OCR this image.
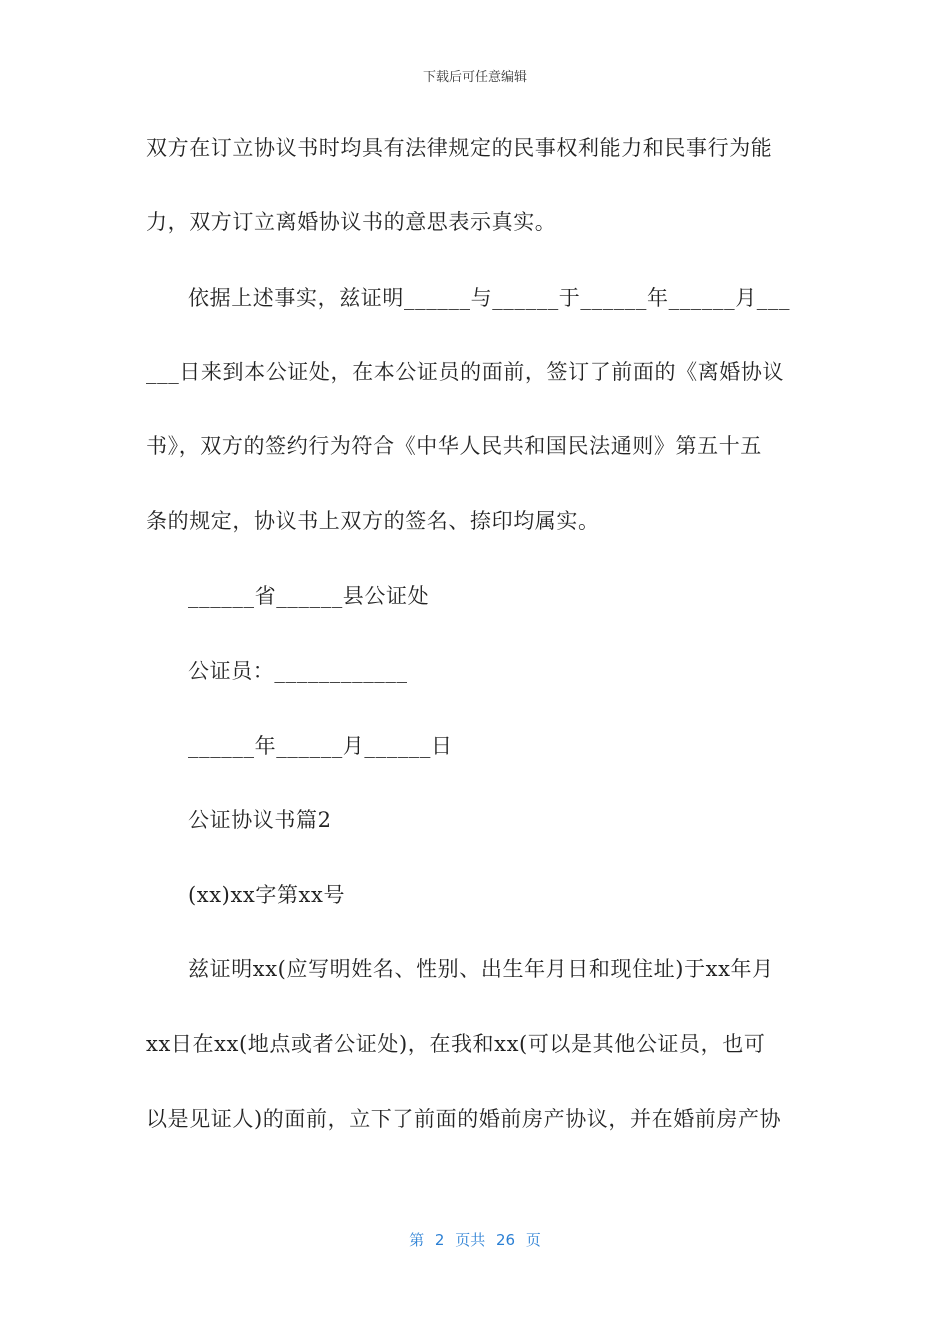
下载后可任意编辑
双方在订立协议书时均具有法律规定的民事权利能力和民事行为能
力，双方订立离婚协议书的意思表示真实。
依据上述事实，兹证明______与______于______年______月___
___日来到本公证处，在本公证员的面前，签订了前面的《离婚协议
书》，双方的签约行为符合《中华人民共和国民法通则》第五十五
条的规定，协议书上双方的签名、捺印均属实。
______省______县公证处
公证员：____________
______年______月______日
公证协议书篇2
(xx)xx字第xx号
兹证明xx(应写明姓名、性别、出生年月日和现住址)于xx年月
xx日在xx(地点或者公证处)，在我和xx(可以是其他公证员，也可
以是见证人)的面前，立下了前面的婚前房产协议，并在婚前房产协
第 2 页共 26 页
